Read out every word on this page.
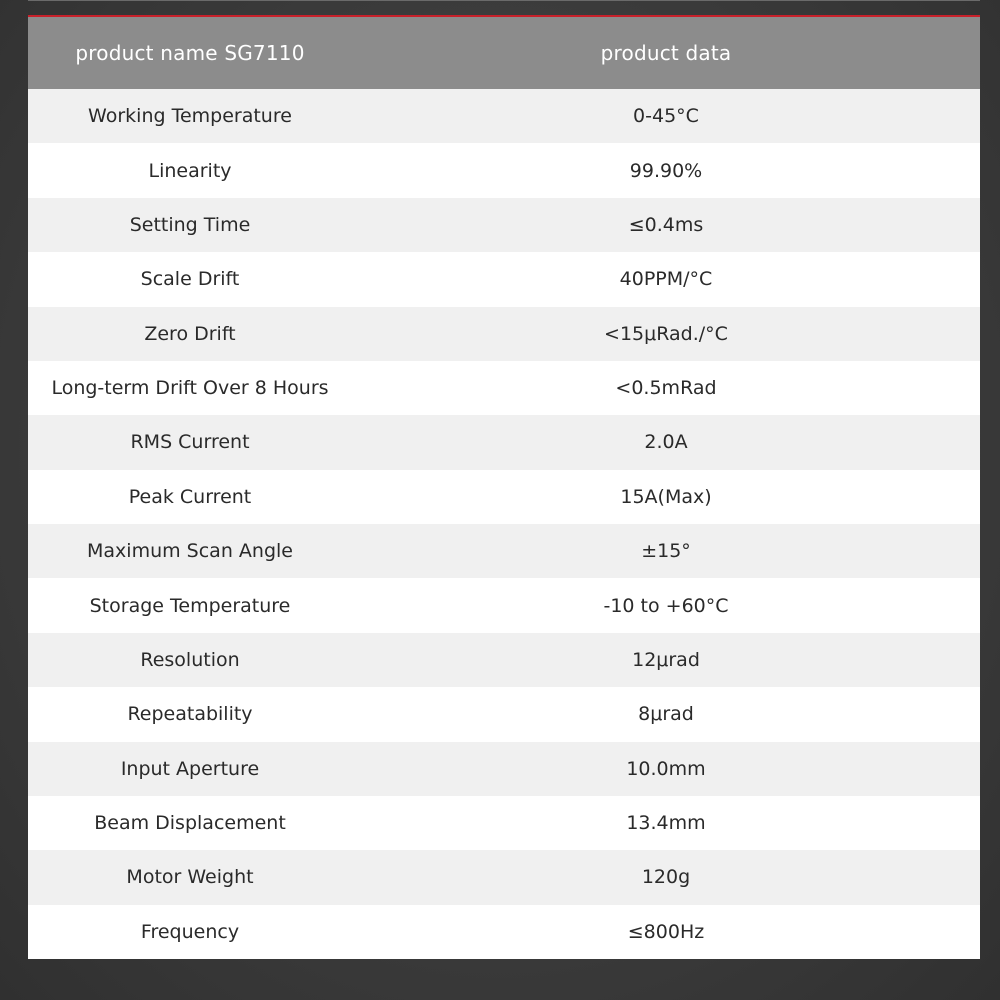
product name SG7110	product data
Working Temperature	0-45°C
Linearity	99.90%
Setting Time	≤0.4ms
Scale Drift	40PPM/°C
Zero Drift	<15μRad./°C
Long-term Drift Over 8 Hours	<0.5mRad
RMS Current	2.0A
Peak Current	15A(Max)
Maximum Scan Angle	±15°
Storage Temperature	-10 to +60°C
Resolution	12μrad
Repeatability	8μrad
Input Aperture	10.0mm
Beam Displacement	13.4mm
Motor Weight	120g
Frequency	≤800Hz
